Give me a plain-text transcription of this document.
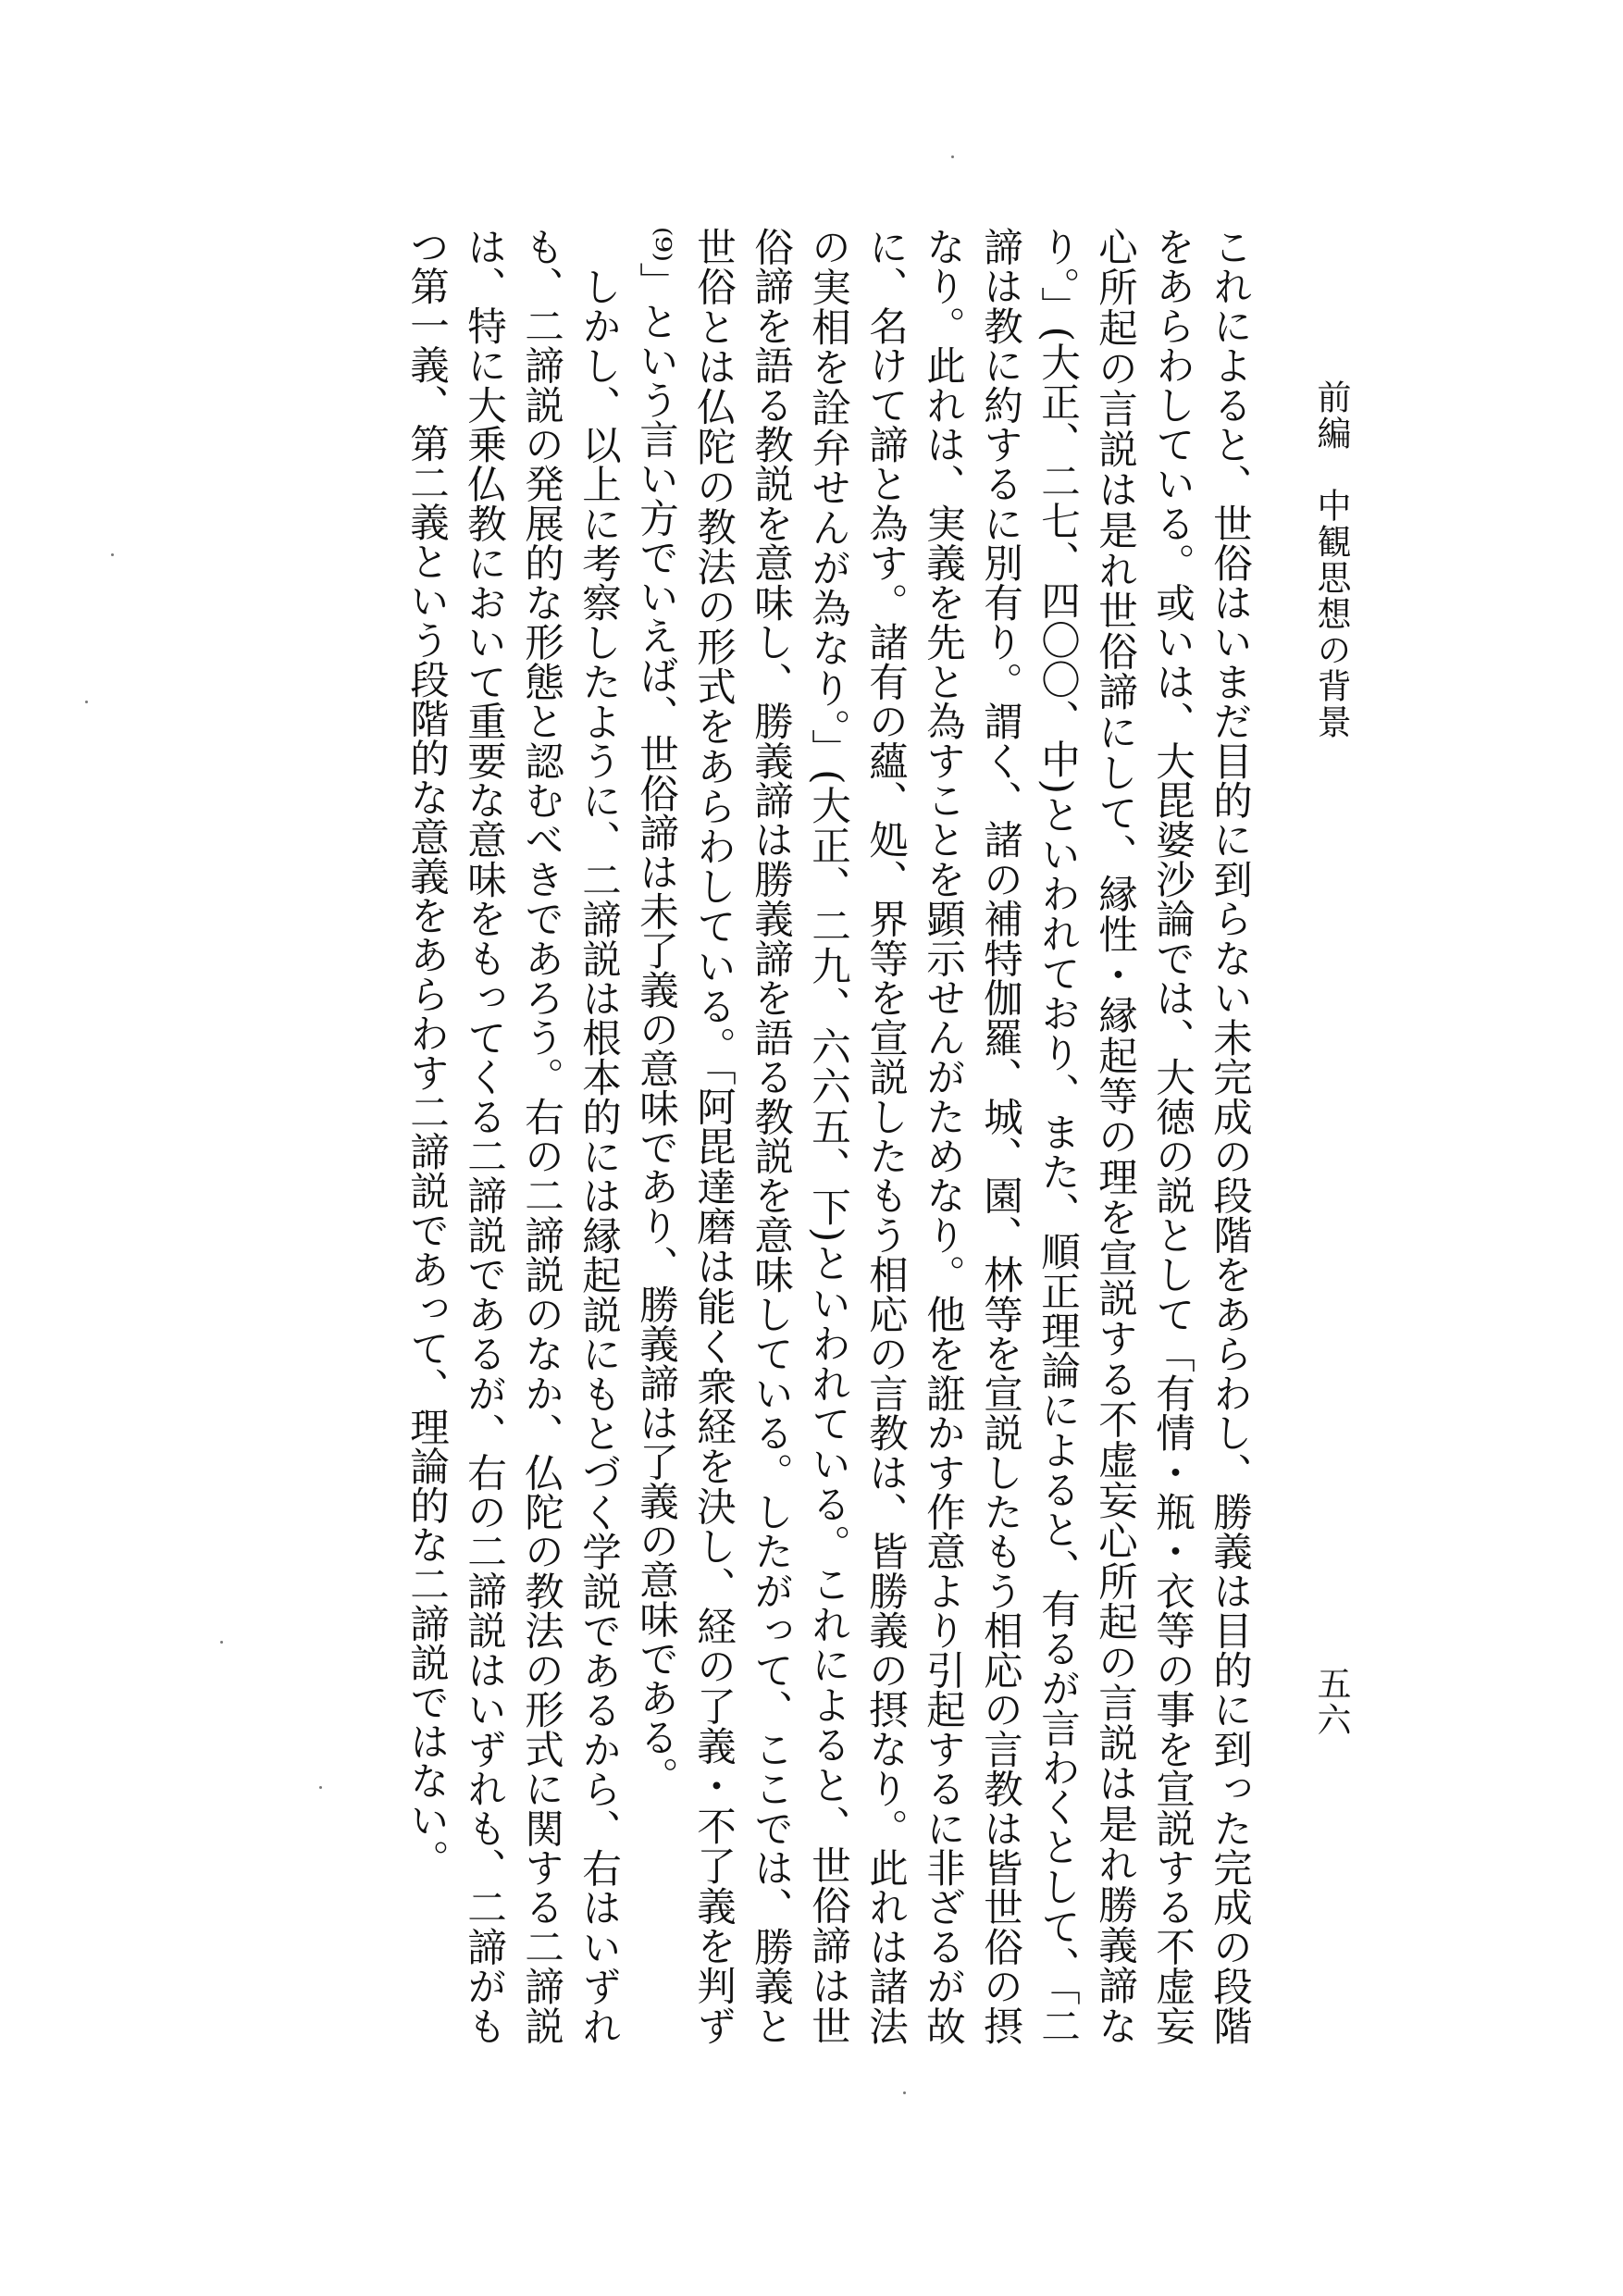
前編　中観思想の背景
五六

これによると、世俗はいまだ目的に到らない未完成の段階をあらわし、勝義は目的に到った完成の段階をあらわしている。或いは、大毘婆沙論では、大徳の説として「有情・瓶・衣等の事を宣説する不虚妄心所起の言説は是れ世俗諦にして、縁性・縁起等の理を宣説する不虚妄心所起の言説は是れ勝義諦なり。」(大正、二七、四〇〇、中)といわれており、また、順正理論によると、有るが言わくとして、「二諦は教に約するに別有り。謂く、諸の補特伽羅、城、園、林等を宣説したもう相応の言教は皆世俗の摂なり。此れは、実義を先と為すことを顕示せんがためなり。他を誑かす作意より引起するに非ざるが故に、名けて諦と為す。諸有の蘊、処、界等を宣説したもう相応の言教は、皆勝義の摂なり。此れは諸法の実相を詮弁せんが為なり。」(大正、二九、六六五、下)といわれている。これによると、世俗諦は世俗諦を語る教説を意味し、勝義諦は勝義諦を語る教説を意味している。したがって、ここでは、勝義と世俗とは仏陀の教法の形式をあらわしている。「阿毘達磨は能く衆経を決し、経の了義・不了義を判ず⁽⁹⁾」という言い方でいえば、世俗諦は未了義の意味であり、勝義諦は了義の意味である。

しかし、以上に考察したように、二諦説は根本的には縁起説にもとづく学説であるから、右はいずれも、二諦説の発展的な形態と認むべきであろう。右の二諦説のなか、仏陀の教法の形式に関する二諦説は、特に大乗仏教において重要な意味をもってくる二諦説であるが、右の二諦説はいずれも、二諦がもつ第一義、第二義という段階的な意義をあらわす二諦説であって、理論的な二諦説ではない。
